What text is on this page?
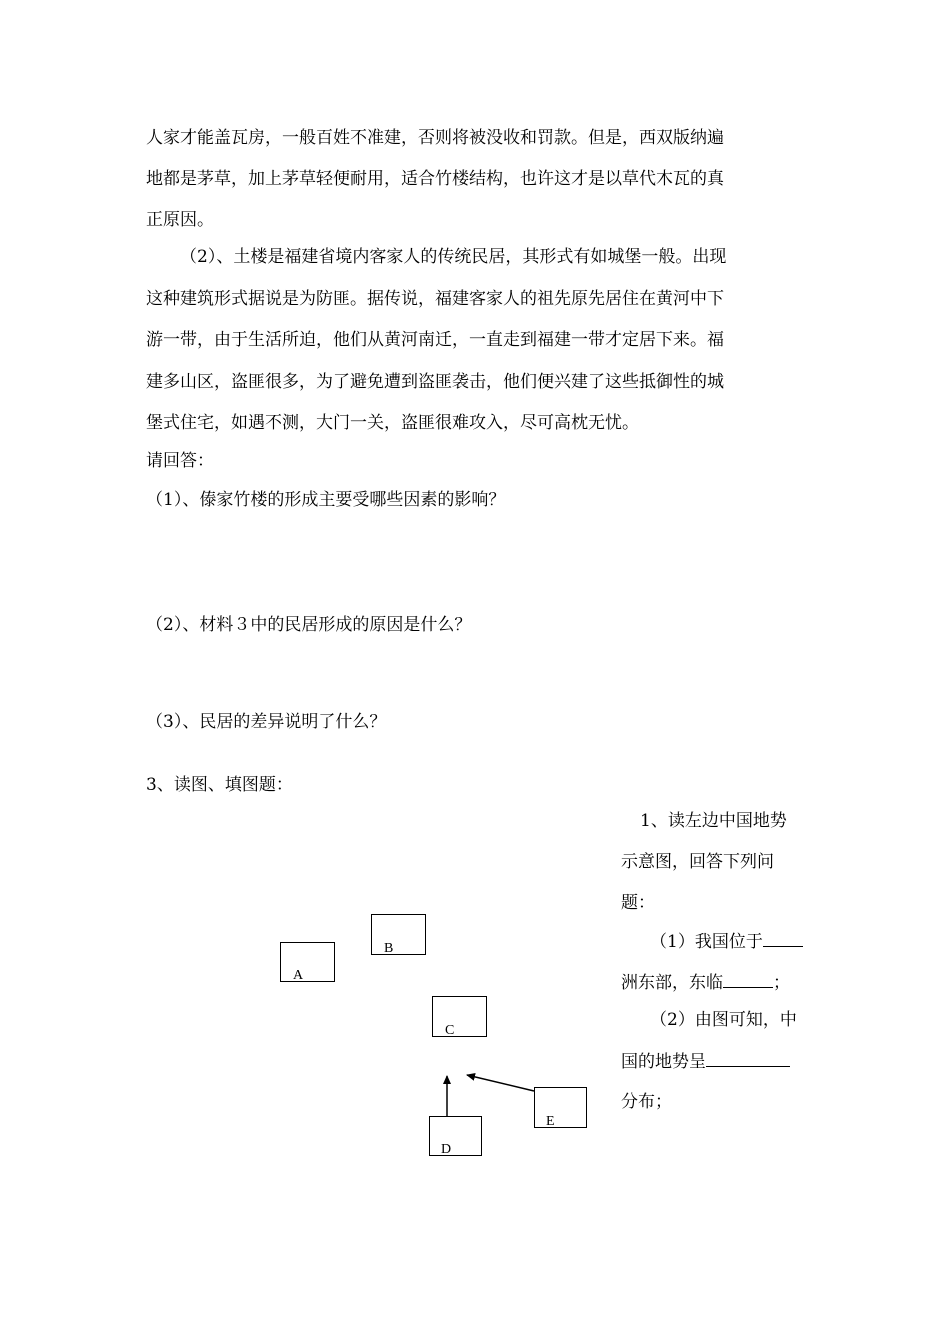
人家才能盖瓦房，一般百姓不准建，否则将被没收和罚款。但是，西双版纳遍
地都是茅草，加上茅草轻便耐用，适合竹楼结构，也许这才是以草代木瓦的真
正原因。
（2）、土楼是福建省境内客家人的传统民居，其形式有如城堡一般。出现
这种建筑形式据说是为防匪。据传说，福建客家人的祖先原先居住在黄河中下
游一带，由于生活所迫，他们从黄河南迁，一直走到福建一带才定居下来。福
建多山区，盗匪很多，为了避免遭到盗匪袭击，他们便兴建了这些抵御性的城
堡式住宅，如遇不测，大门一关，盗匪很难攻入，尽可高枕无忧。
请回答：
（1）、傣家竹楼的形成主要受哪些因素的影响？
（2）、材料３中的民居形成的原因是什么？
（3）、民居的差异说明了什么？
3、读图、填图题：
A
B
C
D
E
1、读左边中国地势
示意图，回答下列问
题：
（1）我国位于
洲东部，东临	；
（2）由图可知，中
国的地势呈
分布；
